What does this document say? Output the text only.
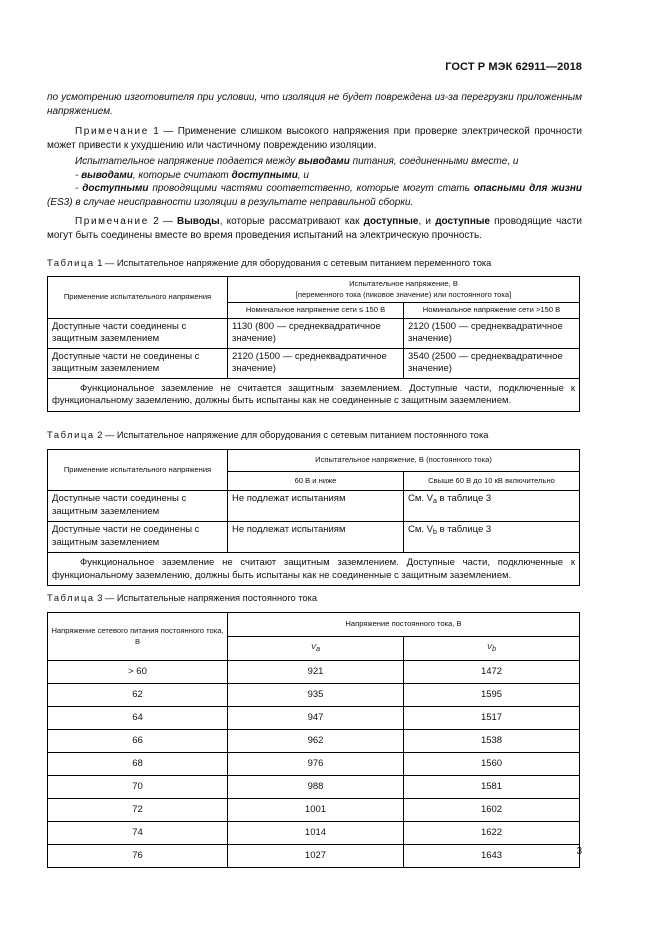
ГОСТ Р МЭК 62911—2018
по усмотрению изготовителя при условии, что изоляция не будет повреждена из-за перегрузки приложенным напряжением.
Примечание 1 — Применение слишком высокого напряжения при проверке электрической прочности может привести к ухудшению или частичному повреждению изоляции.
Испытательное напряжение подается между выводами питания, соединенными вместе, и
- выводами, которые считают доступными, и
- доступными проводящими частями соответственно, которые могут стать опасными для жизни (ES3) в случае неисправности изоляции в результате неправильной сборки.
Примечание 2 — Выводы, которые рассматривают как доступные, и доступные проводящие части могут быть соединены вместе во время проведения испытаний на электрическую прочность.
Таблица 1 — Испытательное напряжение для оборудования с сетевым питанием переменного тока
Применение испытательного напряжения	Испытательное напряжение, В
[переменного тока (пиковое значение) или постоянного тока]	

	Номинальное напряжение сети ≤ 150 В	Номинальное напряжение сети >150 В
Доступные части соединены с защитным заземлением	1130 (800 — среднеквадратичное значение)	2120 (1500 — среднеквадратичное значение)
Доступные части не соединены с защитным заземлением	2120 (1500 — среднеквадратичное значение)	3540 (2500 — среднеквадратичное значение)
Функциональное заземление не считается защитным заземлением. Доступные части, подключенные к функциональному заземлению, должны быть испытаны как не соединенные с защитным заземлением.		
Таблица 2 — Испытательное напряжение для оборудования с сетевым питанием постоянного тока
Применение испытательного напряжения	Испытательное напряжение, В (постоянного тока)	
	60 В и ниже	Свыше 60 В до 10 кВ включительно
Доступные части соединены с защитным заземлением	Не подлежат испытаниям	См. $V_a$ в таблице 3
Доступные части не соединены с защитным заземлением	Не подлежат испытаниям	См. $V_b$ в таблице 3
Функциональное заземление не считают защитным заземлением. Доступные части, подключенные к функциональному заземлению, должны быть испытаны как не соединенные с защитным заземлением.		
Таблица 3 — Испытательные напряжения постоянного тока
Напряжение сетевого питания постоянного тока, В	Напряжение постоянного тока, В	
	$V_a$	$V_b$
> 60	921	1472
62	935	1595
64	947	1517
66	962	1538
68	976	1560
70	988	1581
72	1001	1602
74	1014	1622
76	1027	1643	3
